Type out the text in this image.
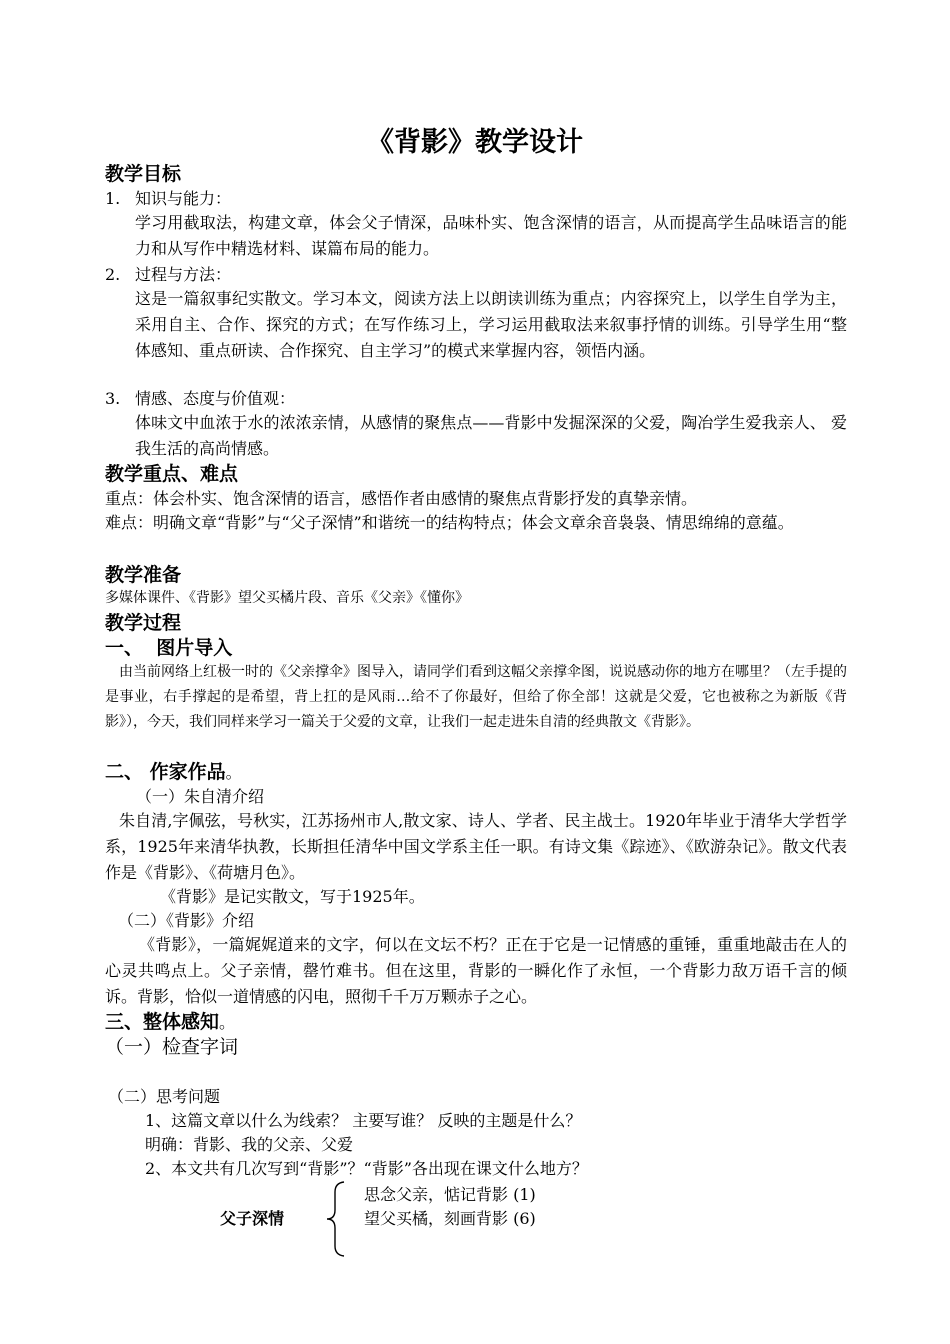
《背影》教学设计
教学目标
1. 知识与能力：
学习用截取法，构建文章，体会父子情深，品味朴实、饱含深情的语言，从而提高学生品味语言的能力和从写作中精选材料、谋篇布局的能力。
2. 过程与方法：
这是一篇叙事纪实散文。学习本文，阅读方法上以朗读训练为重点；内容探究上，以学生自学为主，采用自主、合作、探究的方式；在写作练习上，学习运用截取法来叙事抒情的训练。引导学生用“整体感知、重点研读、合作探究、自主学习”的模式来掌握内容，领悟内涵。
3. 情感、态度与价值观：
体味文中血浓于水的浓浓亲情，从感情的聚焦点——背影中发掘深深的父爱，陶冶学生爱我亲人、 爱我生活的高尚情感。
教学重点、难点
重点：体会朴实、饱含深情的语言，感悟作者由感情的聚焦点背影抒发的真挚亲情。
难点：明确文章“背影”与“父子深情”和谐统一的结构特点；体会文章余音袅袅、情思绵绵的意蕴。
教学准备
多媒体课件、《背影》望父买橘片段、音乐《父亲》《懂你》
教学过程
一、  图片导入
由当前网络上红极一时的《父亲撑伞》图导入，请同学们看到这幅父亲撑伞图，说说感动你的地方在哪里？（左手提的是事业，右手撑起的是希望，背上扛的是风雨…给不了你最好，但给了你全部！这就是父爱，它也被称之为新版《背影》），今天，我们同样来学习一篇关于父爱的文章，让我们一起走进朱自清的经典散文《背影》。
二、 作家作品。
（一）朱自清介绍
朱自清,字佩弦，号秋实，江苏扬州市人,散文家、诗人、学者、民主战士。1920年毕业于清华大学哲学系，1925年来清华执教，长斯担任清华中国文学系主任一职。有诗文集《踪迹》、《欧游杂记》。散文代表作是《背影》、《荷塘月色》。
《背影》是记实散文，写于1925年。
（二）《背影》介绍
《背影》，一篇娓娓道来的文字，何以在文坛不朽？正在于它是一记情感的重锤，重重地敲击在人的心灵共鸣点上。父子亲情，罄竹难书。但在这里，背影的一瞬化作了永恒，一个背影力敌万语千言的倾诉。背影，恰似一道情感的闪电，照彻千千万万颗赤子之心。
三、整体感知。
（一）检查字词
（二）思考问题
1、这篇文章以什么为线索？ 主要写谁？ 反映的主题是什么？
明确：背影、我的父亲、父爱
2、本文共有几次写到“背影”？“背影”各出现在课文什么地方？
父子深情
思念父亲，惦记背影 (1)
望父买橘，刻画背影 (6)
